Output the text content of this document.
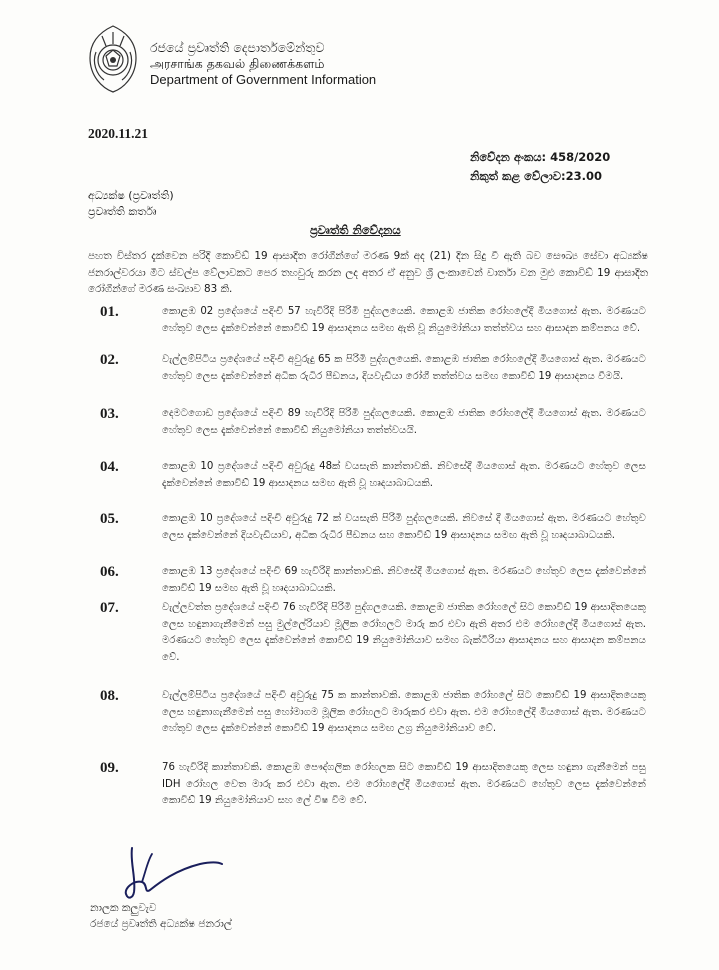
රජයේ ප්‍රවෘත්ති දෙපාර්තමේන්තුව
அரசாங்க தகவல் திணைக்களம்
Department of Government Information
2020.11.21
නිවේදන අංකය: 458/2020
නිකුත් කළ වේලාව:23.00
අධ්‍යක්ෂ (ප්‍රවෘත්ති)
ප්‍රවෘත්ති කර්තෘ
ප්‍රවෘත්ති නිවේදනය
පහත විස්තර දැක්වෙන පරිදි කොවිඩ් 19 ආසාදිත රෝගීන්ගේ මරණ 9ක් අද (21) දින සිදු වී ඇති බව සෞඛ්‍ය සේවා අධ්‍යක්ෂ ජනරාල්වරයා මීට ස්වල්ප වේලාවකට පෙර තහවුරු කරන ලද අතර ඒ අනුව ශ්‍රී ලංකාවෙන් වාර්තා වන මුළු කොවිඩ් 19 ආසාදිත රෝගීන්ගේ මරණ සංඛ්‍යාව 83 කි.
01.	කොළඹ 02 ප්‍රදේශයේ පදිංචි 57 හැවිරිදි පිරිමි පුද්ගලයෙකි. කොළඹ ජාතික රෝහලේදී මියගොස් ඇත. මරණයට හේතුව ලෙස දැක්වෙන්නේ කොවිඩ් 19 ආසාදනය සමඟ ඇති වූ නියුමෝනියා තත්ත්වය සහ ආසාදන කම්පනය වේ.
02.	වැල්ලම්පිටිය ප්‍රදේශයේ පදිංචි අවුරුදු 65 ක පිරිමි පුද්ගලයෙකි. කොළඹ ජාතික රෝහලේදී මියගොස් ඇත. මරණයට හේතුව ලෙස දැක්වෙන්නේ අධික රුධිර පීඩනය, දියවැඩියා රෝගී තත්ත්වය සමඟ කොවිඩ් 19 ආසාදනය වීමයි.
03.	දෙමටගොඩ ප්‍රදේශයේ පදිංචි 89 හැවිරිදි පිරිමි පුද්ගලයෙකි. කොළඹ ජාතික රෝහලේදී මියගොස් ඇත. මරණයට හේතුව ලෙස දැක්වෙන්නේ කොවිඩ් නියුමෝනියා තත්ත්වයයි.
04.	කොළඹ 10 ප්‍රදේශයේ පදිංචි අවුරුදු 48ක් වයසැති කාන්තාවකි. නිවසේදී මියගොස් ඇත. මරණයට හේතුව ලෙස දැක්වෙන්නේ කොවිඩ් 19 ආසාදනය සමඟ ඇති වූ හෘදයාබාධයකි.
05.	කොළඹ 10 ප්‍රදේශයේ පදිංචි අවුරුදු 72 ක් වයසැති පිරිමි පුද්ගලයෙකි. නිවසේ දී මියගොස් ඇත. මරණයට හේතුව ලෙස දැක්වෙන්නේ දියවැඩියාව, අධික රුධිර පීඩනය සහ කොවිඩ් 19 ආසාදනය සමඟ ඇති වූ හෘදයාබාධයකි.
06.	කොළඹ 13 ප්‍රදේශයේ පදිංචි 69 හැවිරිදි කාන්තාවකි. නිවසේදී මියගොස් ඇත. මරණයට හේතුව ලෙස දැක්වෙන්නේ කොවිඩ් 19 සමඟ ඇති වූ හෘදයාබාධයකි.
07.	වැල්ලවත්ත ප්‍රදේශයේ පදිංචි 76 හැවිරිදි පිරිමි පුද්ගලයෙකි. කොළඹ ජාතික රෝහලේ සිට කොවිඩ් 19 ආසාදිතයෙකු ලෙස හඳුනාගැනීමෙන් පසු මුල්ලේරියාව මූලික රෝහලට මාරු කර එවා ඇති අතර එම රෝහලේදී මියගොස් ඇත. මරණයට හේතුව ලෙස දැක්වෙන්නේ කොවිඩ් 19 නියුමෝනියාව සමඟ බැක්ටීරියා ආසාදනය සහ ආසාදන කම්පනය වේ.
08.	වැල්ලම්පිටිය ප්‍රදේශයේ පදිංචි අවුරුදු 75 ක කාන්තාවකි. කොළඹ ජාතික රෝහලේ සිට කොවිඩ් 19 ආසාදිතයෙකු ලෙස හඳුනාගැනීමෙන් පසු හෝමාගම මූලික රෝහලට මාරුකර එවා ඇත. එම රෝහලේදී මියගොස් ඇත. මරණයට හේතුව ලෙස දැක්වෙන්නේ කොවිඩ් 19 ආසාදනය සමඟ උග්‍ර නියුමෝනියාව වේ.
09.	76 හැවිරිදි කාන්තාවකි. කොළඹ පෞද්ගලික රෝහලක සිට කොවිඩ් 19 ආසාදිතයෙකු ලෙස හඳුනා ගැනීමෙන් පසු IDH රෝහල වෙත මාරු කර එවා ඇත. එම රෝහලේදී මියගොස් ඇත. මරණයට හේතුව ලෙස දැක්වෙන්නේ කොවිඩ් 19 නියුමෝනියාව සහ ලේ විෂ වීම වේ.
නාලක කලුවැව
රජයේ ප්‍රවෘත්ති අධ්‍යක්ෂ ජනරාල්
